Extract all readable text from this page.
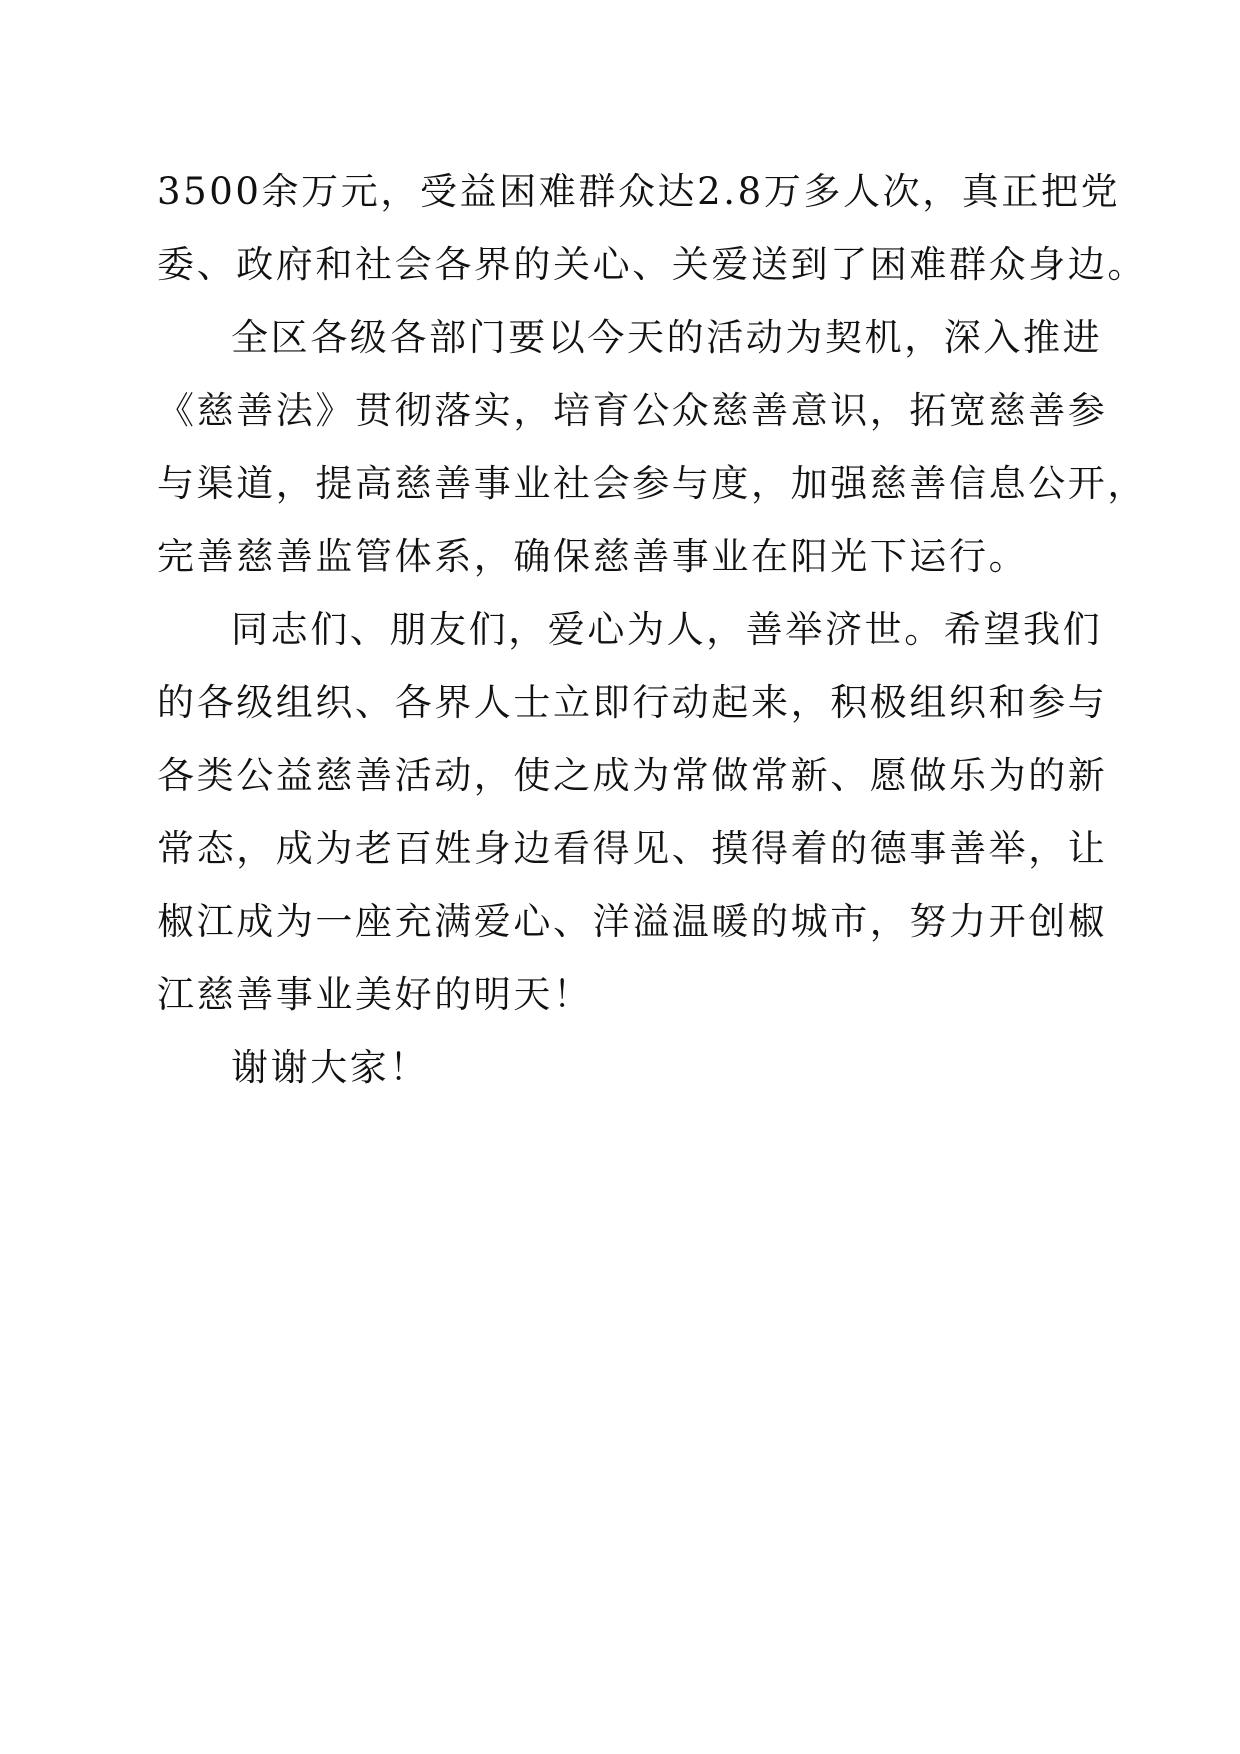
3500余万元，受益困难群众达2.8万多人次，真正把党
委、政府和社会各界的关心、关爱送到了困难群众身边。
全区各级各部门要以今天的活动为契机，深入推进
《慈善法》贯彻落实，培育公众慈善意识，拓宽慈善参
与渠道，提高慈善事业社会参与度，加强慈善信息公开，
完善慈善监管体系，确保慈善事业在阳光下运行。
同志们、朋友们，爱心为人，善举济世。希望我们
的各级组织、各界人士立即行动起来，积极组织和参与
各类公益慈善活动，使之成为常做常新、愿做乐为的新
常态，成为老百姓身边看得见、摸得着的德事善举，让
椒江成为一座充满爱心、洋溢温暖的城市，努力开创椒
江慈善事业美好的明天！
谢谢大家！
